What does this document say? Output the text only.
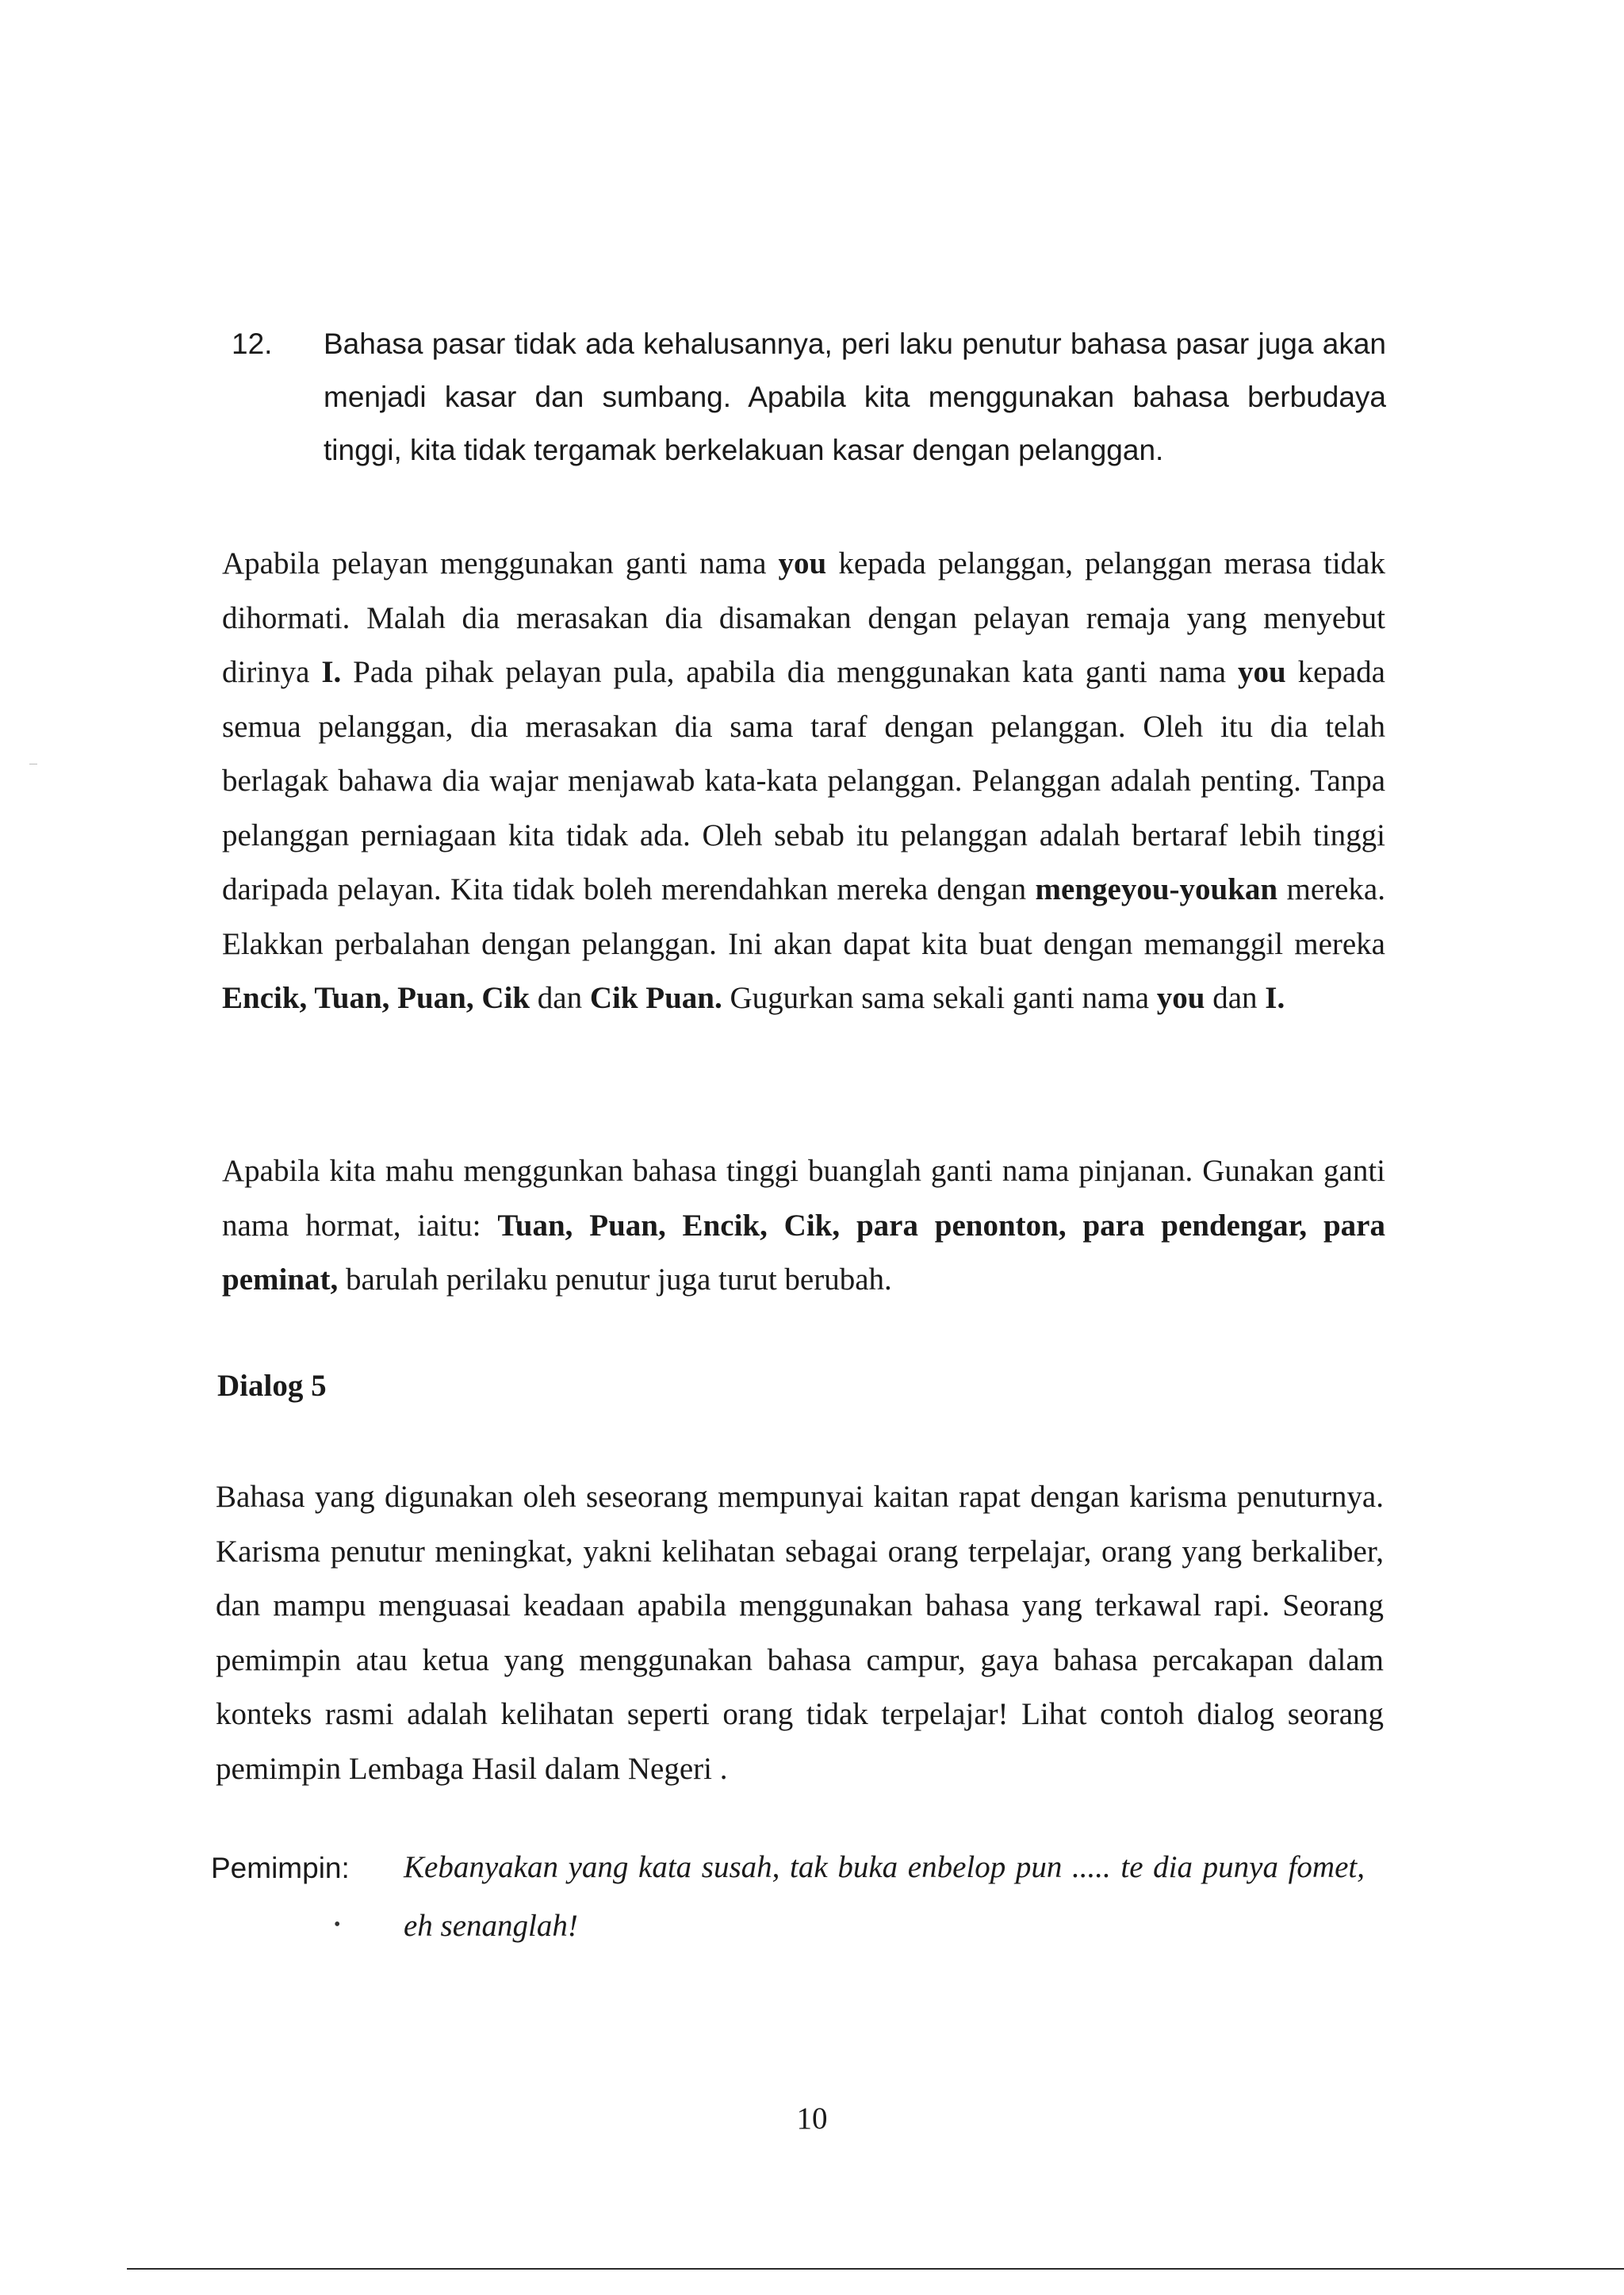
12. Bahasa pasar tidak ada kehalusannya, peri laku penutur bahasa pasar juga akan menjadi kasar dan sumbang. Apabila kita menggunakan bahasa berbudaya tinggi, kita tidak tergamak berkelakuan kasar dengan pelanggan.
Apabila pelayan menggunakan ganti nama you kepada pelanggan, pelanggan merasa tidak dihormati. Malah dia merasakan dia disamakan dengan pelayan remaja yang menyebut dirinya I. Pada pihak pelayan pula, apabila dia menggunakan kata ganti nama you kepada semua pelanggan, dia merasakan dia sama taraf dengan pelanggan. Oleh itu dia telah berlagak bahawa dia wajar menjawab kata-kata pelanggan. Pelanggan adalah penting. Tanpa pelanggan perniagaan kita tidak ada. Oleh sebab itu pelanggan adalah bertaraf lebih tinggi daripada pelayan. Kita tidak boleh merendahkan mereka dengan mengeyou-youkan mereka. Elakkan perbalahan dengan pelanggan. Ini akan dapat kita buat dengan memanggil mereka Encik, Tuan, Puan, Cik dan Cik Puan. Gugurkan sama sekali ganti nama you dan I.
Apabila kita mahu menggunkan bahasa tinggi buanglah ganti nama pinjanan. Gunakan ganti nama hormat, iaitu: Tuan, Puan, Encik, Cik, para penonton, para pendengar, para peminat, barulah perilaku penutur juga turut berubah.
Dialog 5
Bahasa yang digunakan oleh seseorang mempunyai kaitan rapat dengan karisma penuturnya. Karisma penutur meningkat, yakni kelihatan sebagai orang terpelajar, orang yang berkaliber, dan mampu menguasai keadaan apabila menggunakan bahasa yang terkawal rapi. Seorang pemimpin atau ketua yang menggunakan bahasa campur, gaya bahasa percakapan dalam konteks rasmi adalah kelihatan seperti orang tidak terpelajar! Lihat contoh dialog seorang pemimpin Lembaga Hasil dalam Negeri .
Pemimpin: Kebanyakan yang kata susah, tak buka enbelop pun ..... te dia punya fomet, eh senanglah!
•
10
